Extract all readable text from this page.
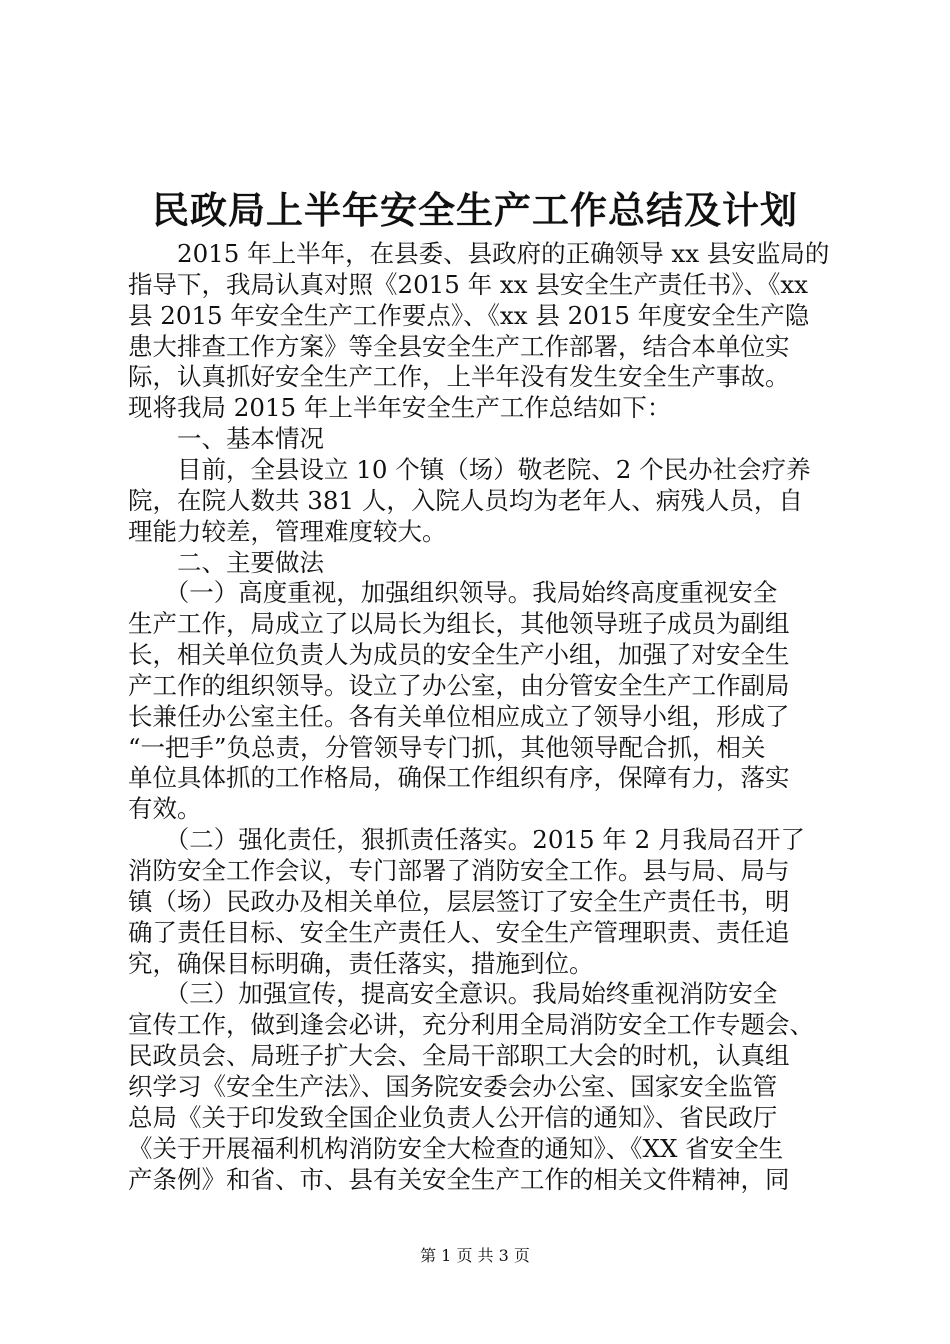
民政局上半年安全生产工作总结及计划
　　2015 年上半年，在县委、县政府的正确领导 xx 县安监局的
指导下，我局认真对照《2015 年 xx 县安全生产责任书》、《xx
县 2015 年安全生产工作要点》、《xx 县 2015 年度安全生产隐
患大排查工作方案》等全县安全生产工作部署，结合本单位实
际，认真抓好安全生产工作，上半年没有发生安全生产事故。
现将我局 2015 年上半年安全生产工作总结如下：
　　一、基本情况
　　目前，全县设立 10 个镇（场）敬老院、2 个民办社会疗养
院，在院人数共 381 人，入院人员均为老年人、病残人员，自
理能力较差，管理难度较大。
　　二、主要做法
　　（一）高度重视，加强组织领导。我局始终高度重视安全
生产工作，局成立了以局长为组长，其他领导班子成员为副组
长，相关单位负责人为成员的安全生产小组，加强了对安全生
产工作的组织领导。设立了办公室，由分管安全生产工作副局
长兼任办公室主任。各有关单位相应成立了领导小组，形成了
“一把手”负总责，分管领导专门抓，其他领导配合抓，相关
单位具体抓的工作格局，确保工作组织有序，保障有力，落实
有效。
　　（二）强化责任，狠抓责任落实。2015 年 2 月我局召开了
消防安全工作会议，专门部署了消防安全工作。县与局、局与
镇（场）民政办及相关单位，层层签订了安全生产责任书，明
确了责任目标、安全生产责任人、安全生产管理职责、责任追
究，确保目标明确，责任落实，措施到位。
　　（三）加强宣传，提高安全意识。我局始终重视消防安全
宣传工作，做到逢会必讲，充分利用全局消防安全工作专题会、
民政员会、局班子扩大会、全局干部职工大会的时机，认真组
织学习《安全生产法》、国务院安委会办公室、国家安全监管
总局《关于印发致全国企业负责人公开信的通知》、省民政厅
《关于开展福利机构消防安全大检查的通知》、《XX 省安全生
产条例》和省、市、县有关安全生产工作的相关文件精神，同
第 1 页 共 3 页
